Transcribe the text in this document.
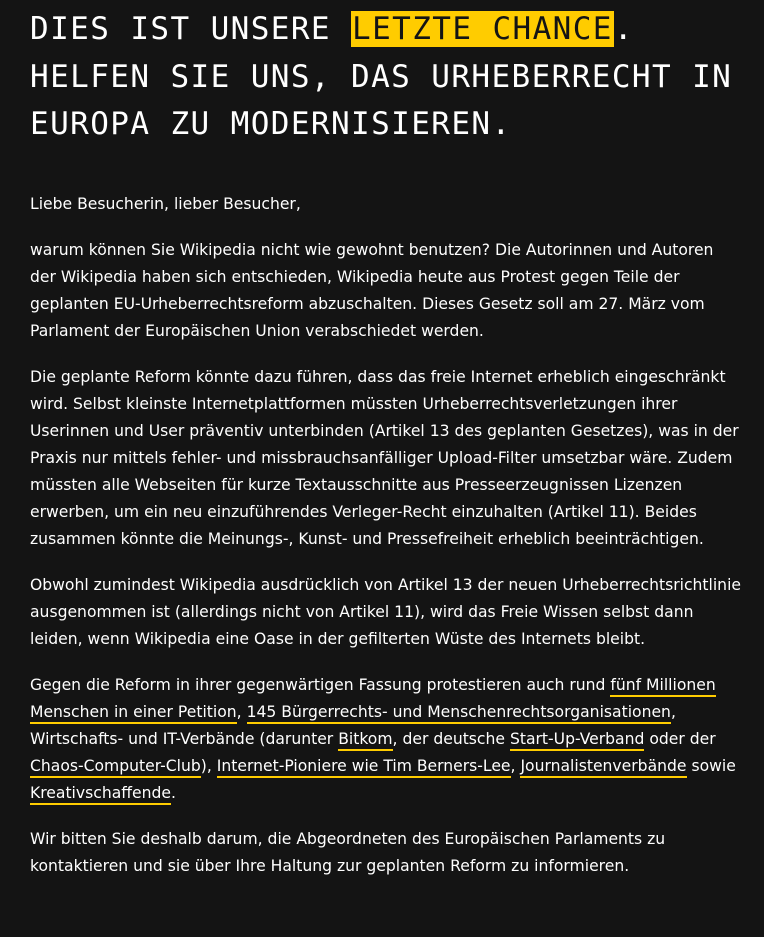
DIES IST UNSERE LETZTE CHANCE.
HELFEN SIE UNS, DAS URHEBERRECHT IN
EUROPA ZU MODERNISIEREN.

Liebe Besucherin, lieber Besucher,

warum können Sie Wikipedia nicht wie gewohnt benutzen? Die Autorinnen und Autoren der Wikipedia haben sich entschieden, Wikipedia heute aus Protest gegen Teile der geplanten EU-Urheberrechtsreform abzuschalten. Dieses Gesetz soll am 27. März vom Parlament der Europäischen Union verabschiedet werden.

Die geplante Reform könnte dazu führen, dass das freie Internet erheblich eingeschränkt wird. Selbst kleinste Internetplattformen müssten Urheberrechtsverletzungen ihrer Userinnen und User präventiv unterbinden (Artikel 13 des geplanten Gesetzes), was in der Praxis nur mittels fehler- und missbrauchsanfälliger Upload-Filter umsetzbar wäre. Zudem müssten alle Webseiten für kurze Textausschnitte aus Presseerzeugnissen Lizenzen erwerben, um ein neu einzuführendes Verleger-Recht einzuhalten (Artikel 11). Beides zusammen könnte die Meinungs-, Kunst- und Pressefreiheit erheblich beeinträchtigen.

Obwohl zumindest Wikipedia ausdrücklich von Artikel 13 der neuen Urheberrechtsrichtlinie ausgenommen ist (allerdings nicht von Artikel 11), wird das Freie Wissen selbst dann leiden, wenn Wikipedia eine Oase in der gefilterten Wüste des Internets bleibt.

Gegen die Reform in ihrer gegenwärtigen Fassung protestieren auch rund fünf Millionen Menschen in einer Petition, 145 Bürgerrechts- und Menschenrechtsorganisationen, Wirtschafts- und IT-Verbände (darunter Bitkom, der deutsche Start-Up-Verband oder der Chaos-Computer-Club), Internet-Pioniere wie Tim Berners-Lee, Journalistenverbände sowie Kreativschaffende.

Wir bitten Sie deshalb darum, die Abgeordneten des Europäischen Parlaments zu kontaktieren und sie über Ihre Haltung zur geplanten Reform zu informieren.
